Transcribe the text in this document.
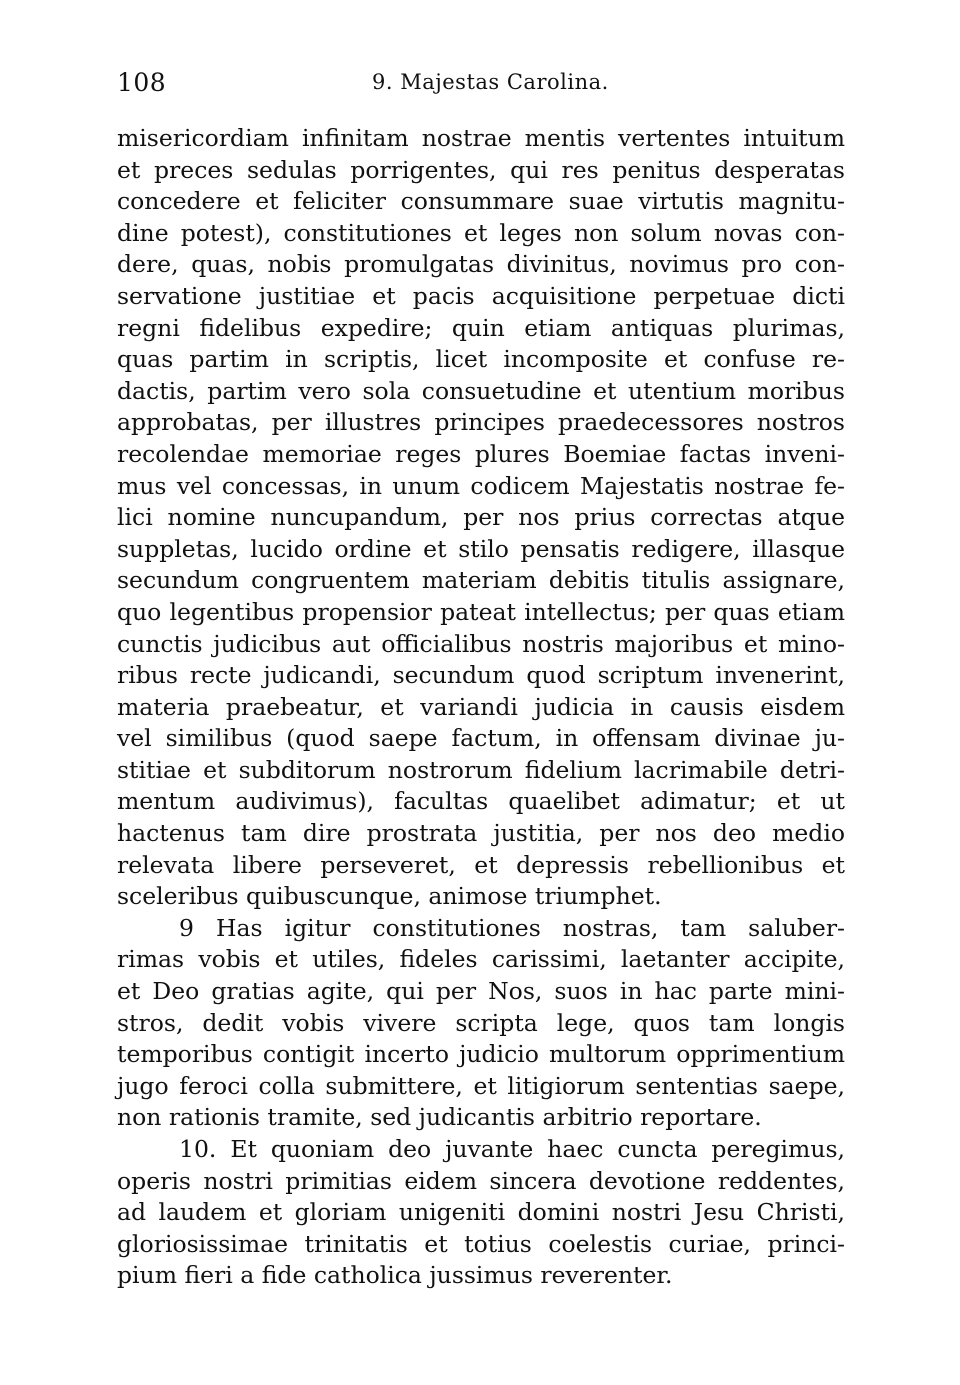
108	9. Majestas Carolina.
misericordiam infinitam nostrae mentis vertentes intuitum
et preces sedulas porrigentes, qui res penitus desperatas
concedere et feliciter consummare suae virtutis magnitu-
dine potest), constitutiones et leges non solum novas con-
dere, quas, nobis promulgatas divinitus, novimus pro con-
servatione justitiae et pacis acquisitione perpetuae dicti
regni fidelibus expedire; quin etiam antiquas plurimas,
quas partim in scriptis, licet incomposite et confuse re-
dactis, partim vero sola consuetudine et utentium moribus
approbatas, per illustres principes praedecessores nostros
recolendae memoriae reges plures Boemiae factas inveni-
mus vel concessas, in unum codicem Majestatis nostrae fe-
lici nomine nuncupandum, per nos prius correctas atque
suppletas, lucido ordine et stilo pensatis redigere, illasque
secundum congruentem materiam debitis titulis assignare,
quo legentibus propensior pateat intellectus; per quas etiam
cunctis judicibus aut officialibus nostris majoribus et mino-
ribus recte judicandi, secundum quod scriptum invenerint,
materia praebeatur, et variandi judicia in causis eisdem
vel similibus (quod saepe factum, in offensam divinae ju-
stitiae et subditorum nostrorum fidelium lacrimabile detri-
mentum audivimus), facultas quaelibet adimatur; et ut
hactenus tam dire prostrata justitia, per nos deo medio
relevata libere perseveret, et depressis rebellionibus et
sceleribus quibuscunque, animose triumphet.
9 Has igitur constitutiones nostras, tam saluber-
rimas vobis et utiles, fideles carissimi, laetanter accipite,
et Deo gratias agite, qui per Nos, suos in hac parte mini-
stros, dedit vobis vivere scripta lege, quos tam longis
temporibus contigit incerto judicio multorum opprimentium
jugo feroci colla submittere, et litigiorum sententias saepe,
non rationis tramite, sed judicantis arbitrio reportare.
10. Et quoniam deo juvante haec cuncta peregimus,
operis nostri primitias eidem sincera devotione reddentes,
ad laudem et gloriam unigeniti domini nostri Jesu Christi,
gloriosissimae trinitatis et totius coelestis curiae, princi-
pium fieri a fide catholica jussimus reverenter.
